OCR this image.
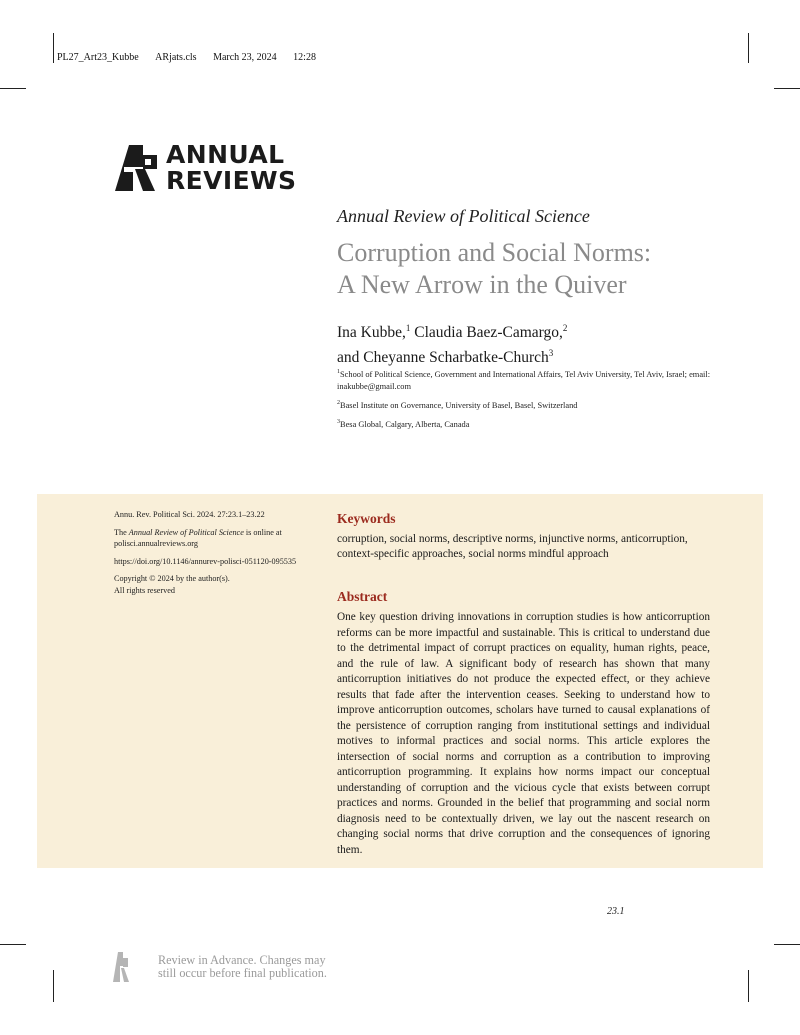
PL27_Art23_Kubbe ARjats.cls March 23, 2024 12:28
ANNUAL
REVIEWS
Annual Review of Political Science
Corruption and Social Norms:
A New Arrow in the Quiver
Ina Kubbe,$^1$ Claudia Baez-Camargo,$^2$
and Cheyanne Scharbatke-Church$^3$
$^1$School of Political Science, Government and International Affairs, Tel Aviv University, Tel Aviv, Israel; email: inakubbe@gmail.com
$^2$Basel Institute on Governance, University of Basel, Basel, Switzerland
$^3$Besa Global, Calgary, Alberta, Canada

Annu. Rev. Political Sci. 2024. 27:23.1–23.22

The Annual Review of Political Science is online at polisci.annualreviews.org

https://doi.org/10.1146/annurev-polisci-051120-095535

Copyright © 2024 by the author(s).
All rights reserved

Keywords
corruption, social norms, descriptive norms, injunctive norms, anticorruption, context-specific approaches, social norms mindful approach
Abstract
One key question driving innovations in corruption studies is how anticorruption reforms can be more impactful and sustainable. This is critical to understand due to the detrimental impact of corrupt practices on equality, human rights, peace, and the rule of law. A significant body of research has shown that many anticorruption initiatives do not produce the expected effect, or they achieve results that fade after the intervention ceases. Seeking to understand how to improve anticorruption outcomes, scholars have turned to causal explanations of the persistence of corruption ranging from institutional settings and individual motives to informal practices and social norms. This article explores the intersection of social norms and corruption as a contribution to improving anticorruption programming. It explains how norms impact our conceptual understanding of corruption and the vicious cycle that exists between corrupt practices and norms. Grounded in the belief that programming and social norm diagnosis need to be contextually driven, we lay out the nascent research on changing social norms that drive corruption and the consequences of ignoring them.
23.1
Review in Advance. Changes may
still occur before final publication.
